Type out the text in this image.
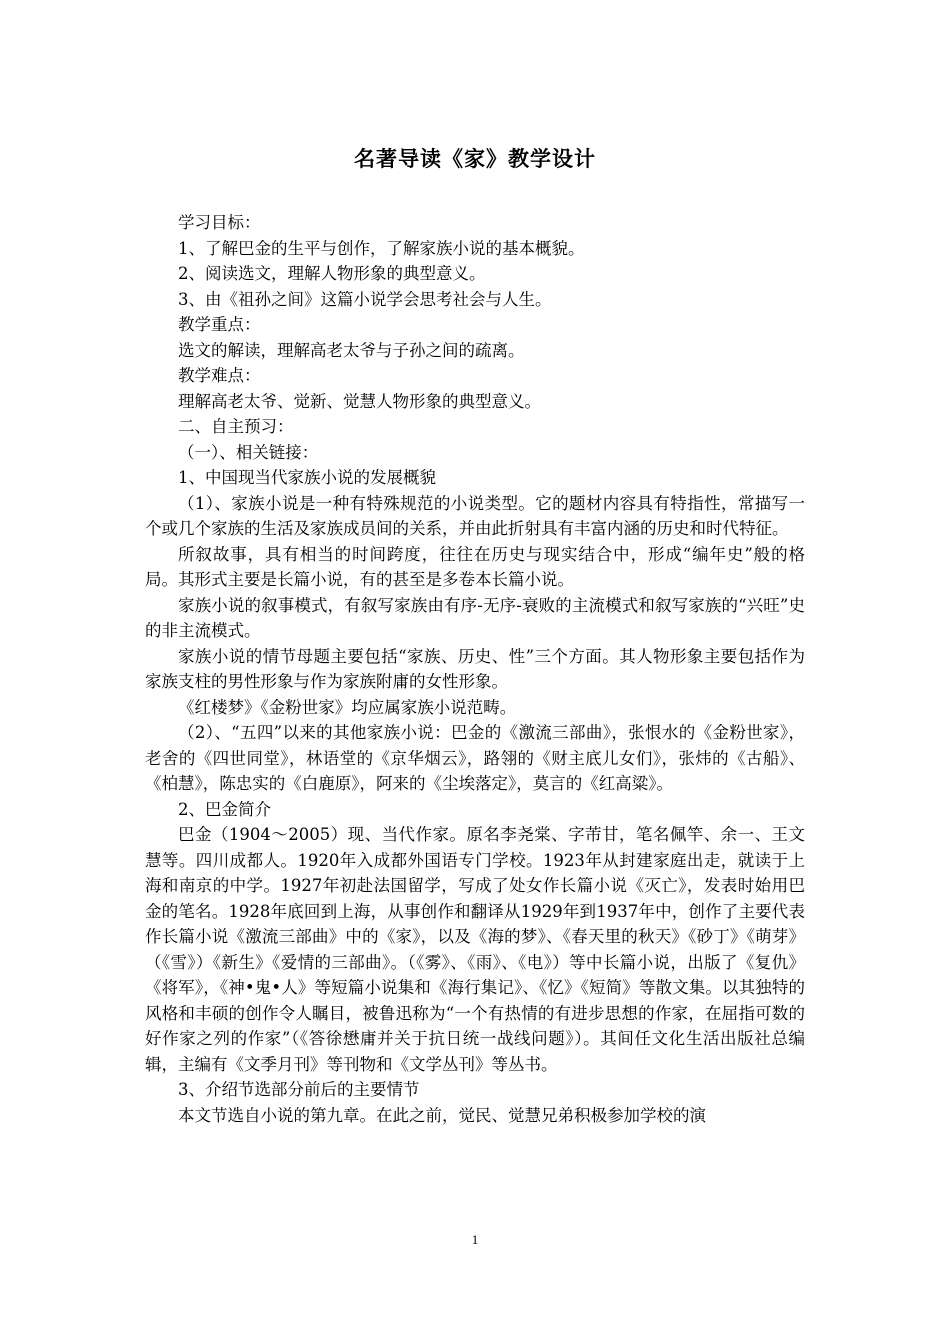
名著导读《家》教学设计

学习目标：

1、了解巴金的生平与创作，了解家族小说的基本概貌。

2、阅读选文，理解人物形象的典型意义。

3、由《祖孙之间》这篇小说学会思考社会与人生。

教学重点：

选文的解读，理解高老太爷与子孙之间的疏离。

教学难点：

理解高老太爷、觉新、觉慧人物形象的典型意义。

二、自主预习：

（一）、相关链接：

1、中国现当代家族小说的发展概貌

（1）、家族小说是一种有特殊规范的小说类型。它的题材内容具有特指性，常描写一个或几个家族的生活及家族成员间的关系，并由此折射具有丰富内涵的历史和时代特征。

所叙故事，具有相当的时间跨度，往往在历史与现实结合中，形成“编年史”般的格局。其形式主要是长篇小说，有的甚至是多卷本长篇小说。

家族小说的叙事模式，有叙写家族由有序-无序-衰败的主流模式和叙写家族的“兴旺”史的非主流模式。

家族小说的情节母题主要包括“家族、历史、性”三个方面。其人物形象主要包括作为家族支柱的男性形象与作为家族附庸的女性形象。

《红楼梦》《金粉世家》均应属家族小说范畴。

（2）、“五四”以来的其他家族小说：巴金的《激流三部曲》，张恨水的《金粉世家》，老舍的《四世同堂》，林语堂的《京华烟云》，路翎的《财主底儿女们》，张炜的《古船》、《柏慧》，陈忠实的《白鹿原》，阿来的《尘埃落定》，莫言的《红高粱》。

2、巴金简介

巴金（1904～2005）现、当代作家。原名李尧棠、字芾甘，笔名佩竿、余一、王文慧等。四川成都人。1920年入成都外国语专门学校。1923年从封建家庭出走，就读于上海和南京的中学。1927年初赴法国留学，写成了处女作长篇小说《灭亡》，发表时始用巴金的笔名。1928年底回到上海，从事创作和翻译从1929年到1937年中，创作了主要代表作长篇小说《激流三部曲》中的《家》，以及《海的梦》、《春天里的秋天》《砂丁》《萌芽》（《雪》）《新生》《爱情的三部曲》。（《雾》、《雨》、《电》）等中长篇小说，出版了《复仇》《将军》，《神•鬼•人》等短篇小说集和《海行集记》、《忆》《短简》等散文集。以其独特的风格和丰硕的创作令人瞩目，被鲁迅称为“一个有热情的有进步思想的作家，在屈指可数的好作家之列的作家”（《答徐懋庸并关于抗日统一战线问题》）。其间任文化生活出版社总编辑，主编有《文季月刊》等刊物和《文学丛刊》等丛书。

3、介绍节选部分前后的主要情节

本文节选自小说的第九章。在此之前，觉民、觉慧兄弟积极参加学校的演

1
